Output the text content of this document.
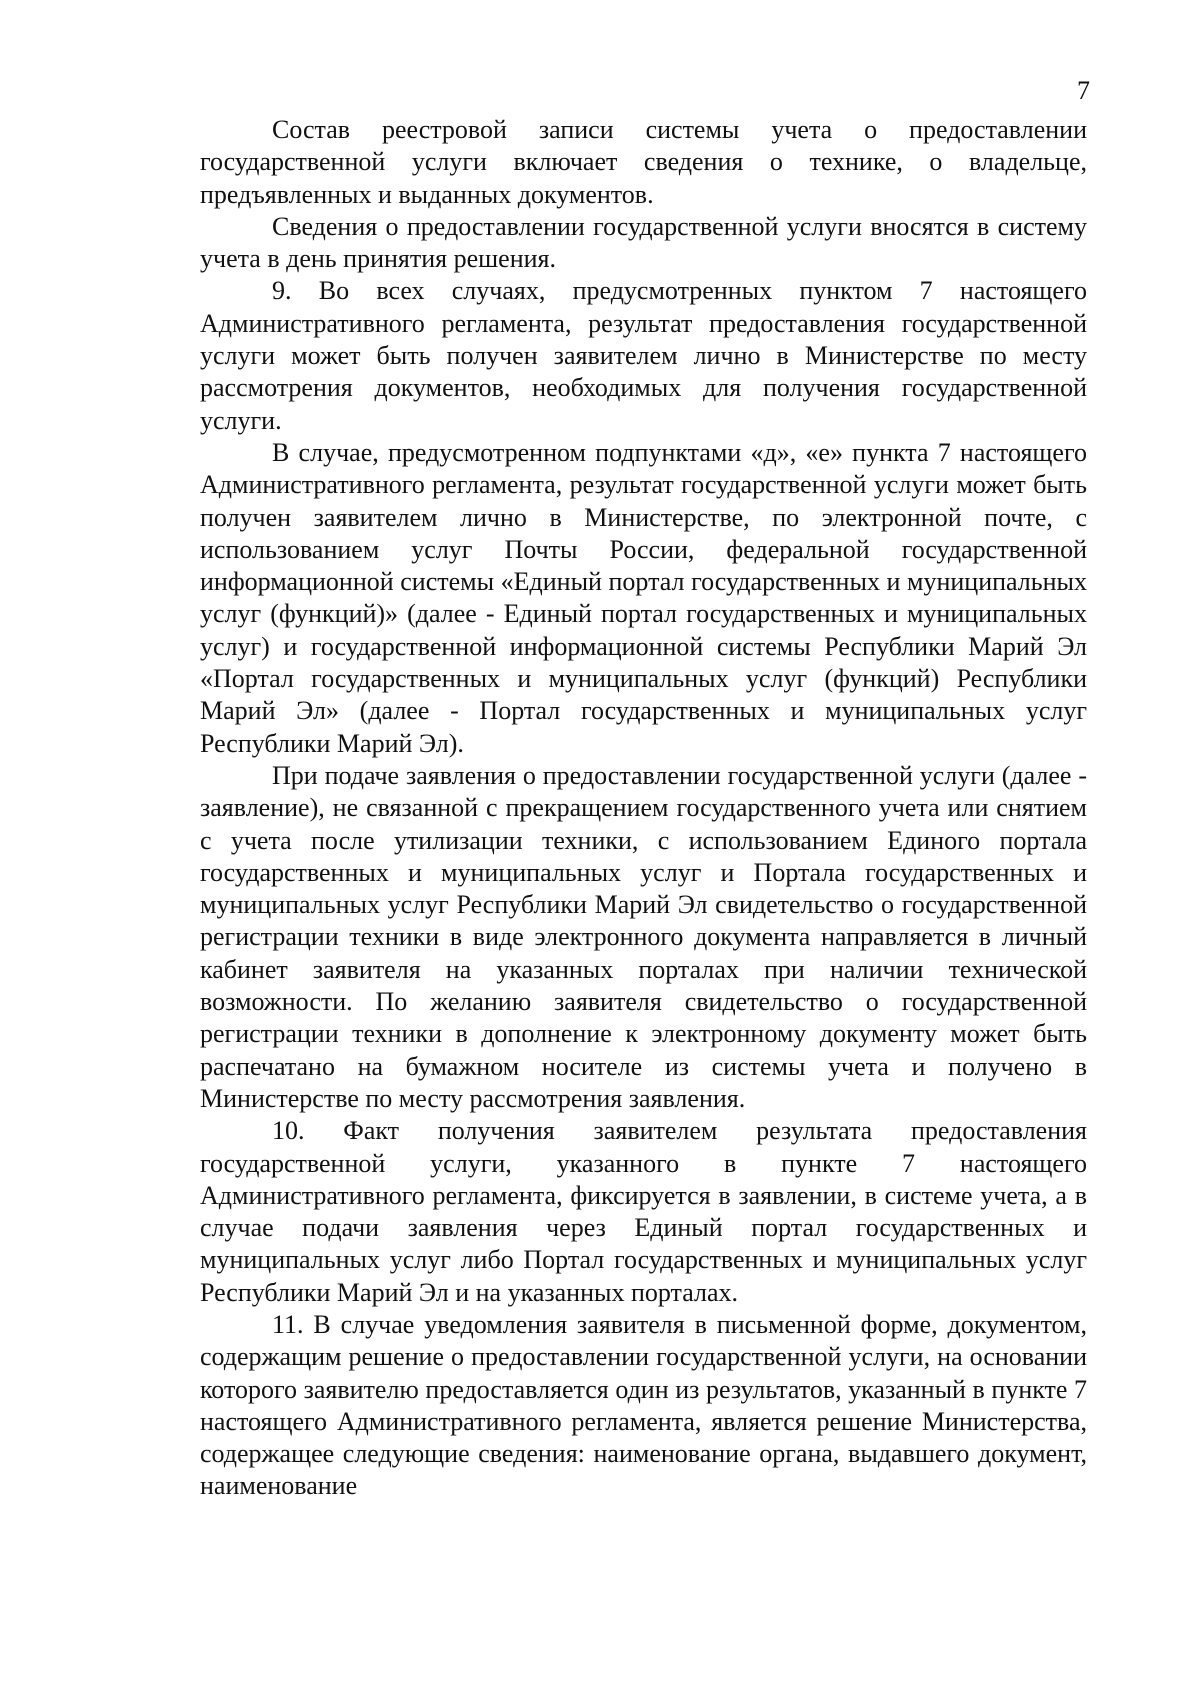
7

Состав реестровой записи системы учета о предоставлении государственной услуги включает сведения о технике, о владельце, предъявленных и выданных документов.

Сведения о предоставлении государственной услуги вносятся в систему учета в день принятия решения.

9. Во всех случаях, предусмотренных пунктом 7 настоящего Административного регламента, результат предоставления государственной услуги может быть получен заявителем лично в Министерстве по месту рассмотрения документов, необходимых для получения государственной услуги.

В случае, предусмотренном подпунктами «д», «е» пункта 7 настоящего Административного регламента, результат государственной услуги может быть получен заявителем лично в Министерстве, по электронной почте, с использованием услуг Почты России, федеральной государственной информационной системы «Единый портал государственных и муниципальных услуг (функций)» (далее - Единый портал государственных и муниципальных услуг) и государственной информационной системы Республики Марий Эл «Портал государственных и муниципальных услуг (функций) Республики Марий Эл» (далее - Портал государственных и муниципальных услуг Республики Марий Эл).

При подаче заявления о предоставлении государственной услуги (далее - заявление), не связанной с прекращением государственного учета или снятием с учета после утилизации техники, с использованием Единого портала государственных и муниципальных услуг и Портала государственных и муниципальных услуг Республики Марий Эл свидетельство о государственной регистрации техники в виде электронного документа направляется в личный кабинет заявителя на указанных порталах при наличии технической возможности. По желанию заявителя свидетельство о государственной регистрации техники в дополнение к электронному документу может быть распечатано на бумажном носителе из системы учета и получено в Министерстве по месту рассмотрения заявления.

10. Факт получения заявителем результата предоставления государственной услуги, указанного в пункте 7 настоящего Административного регламента, фиксируется в заявлении, в системе учета, а в случае подачи заявления через Единый портал государственных и муниципальных услуг либо Портал государственных и муниципальных услуг Республики Марий Эл и на указанных порталах.

11. В случае уведомления заявителя в письменной форме, документом, содержащим решение о предоставлении государственной услуги, на основании которого заявителю предоставляется один из результатов, указанный в пункте 7 настоящего Административного регламента, является решение Министерства, содержащее следующие сведения: наименование органа, выдавшего документ, наименование
